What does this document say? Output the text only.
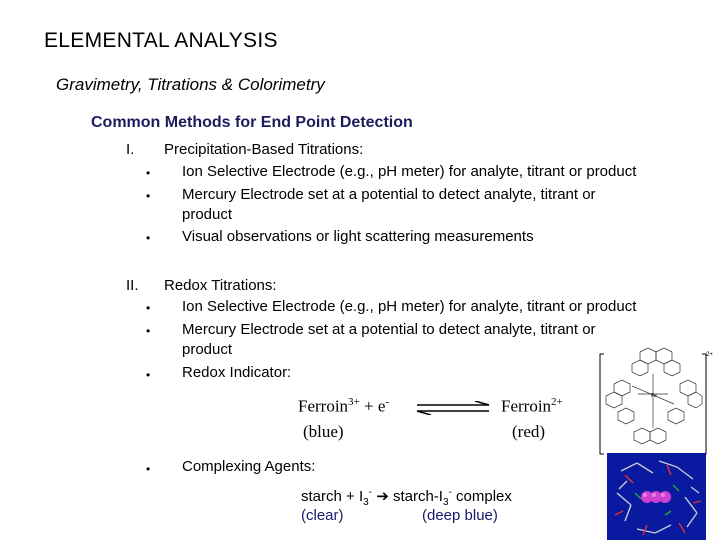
ELEMENTAL ANALYSIS
Gravimetry, Titrations & Colorimetry
Common Methods for End Point Detection
I. Precipitation-Based Titrations:
• Ion Selective Electrode (e.g., pH meter) for analyte, titrant or product
• Mercury Electrode set at a potential to detect analyte, titrant or
product
• Visual observations or light scattering measurements
II. Redox Titrations:
• Ion Selective Electrode (e.g., pH meter) for analyte, titrant or product
• Mercury Electrode set at a potential to detect analyte, titrant or
product
• Redox Indicator:
Ferroin$^{3+}$ + e-	Ferroin$^{2+}$
(blue)	(red)
• Complexing Agents:
starch + $I_3^-$ ➔ starch-$I_3^-$ complex
(clear)	(deep blue)
Fe
2+
